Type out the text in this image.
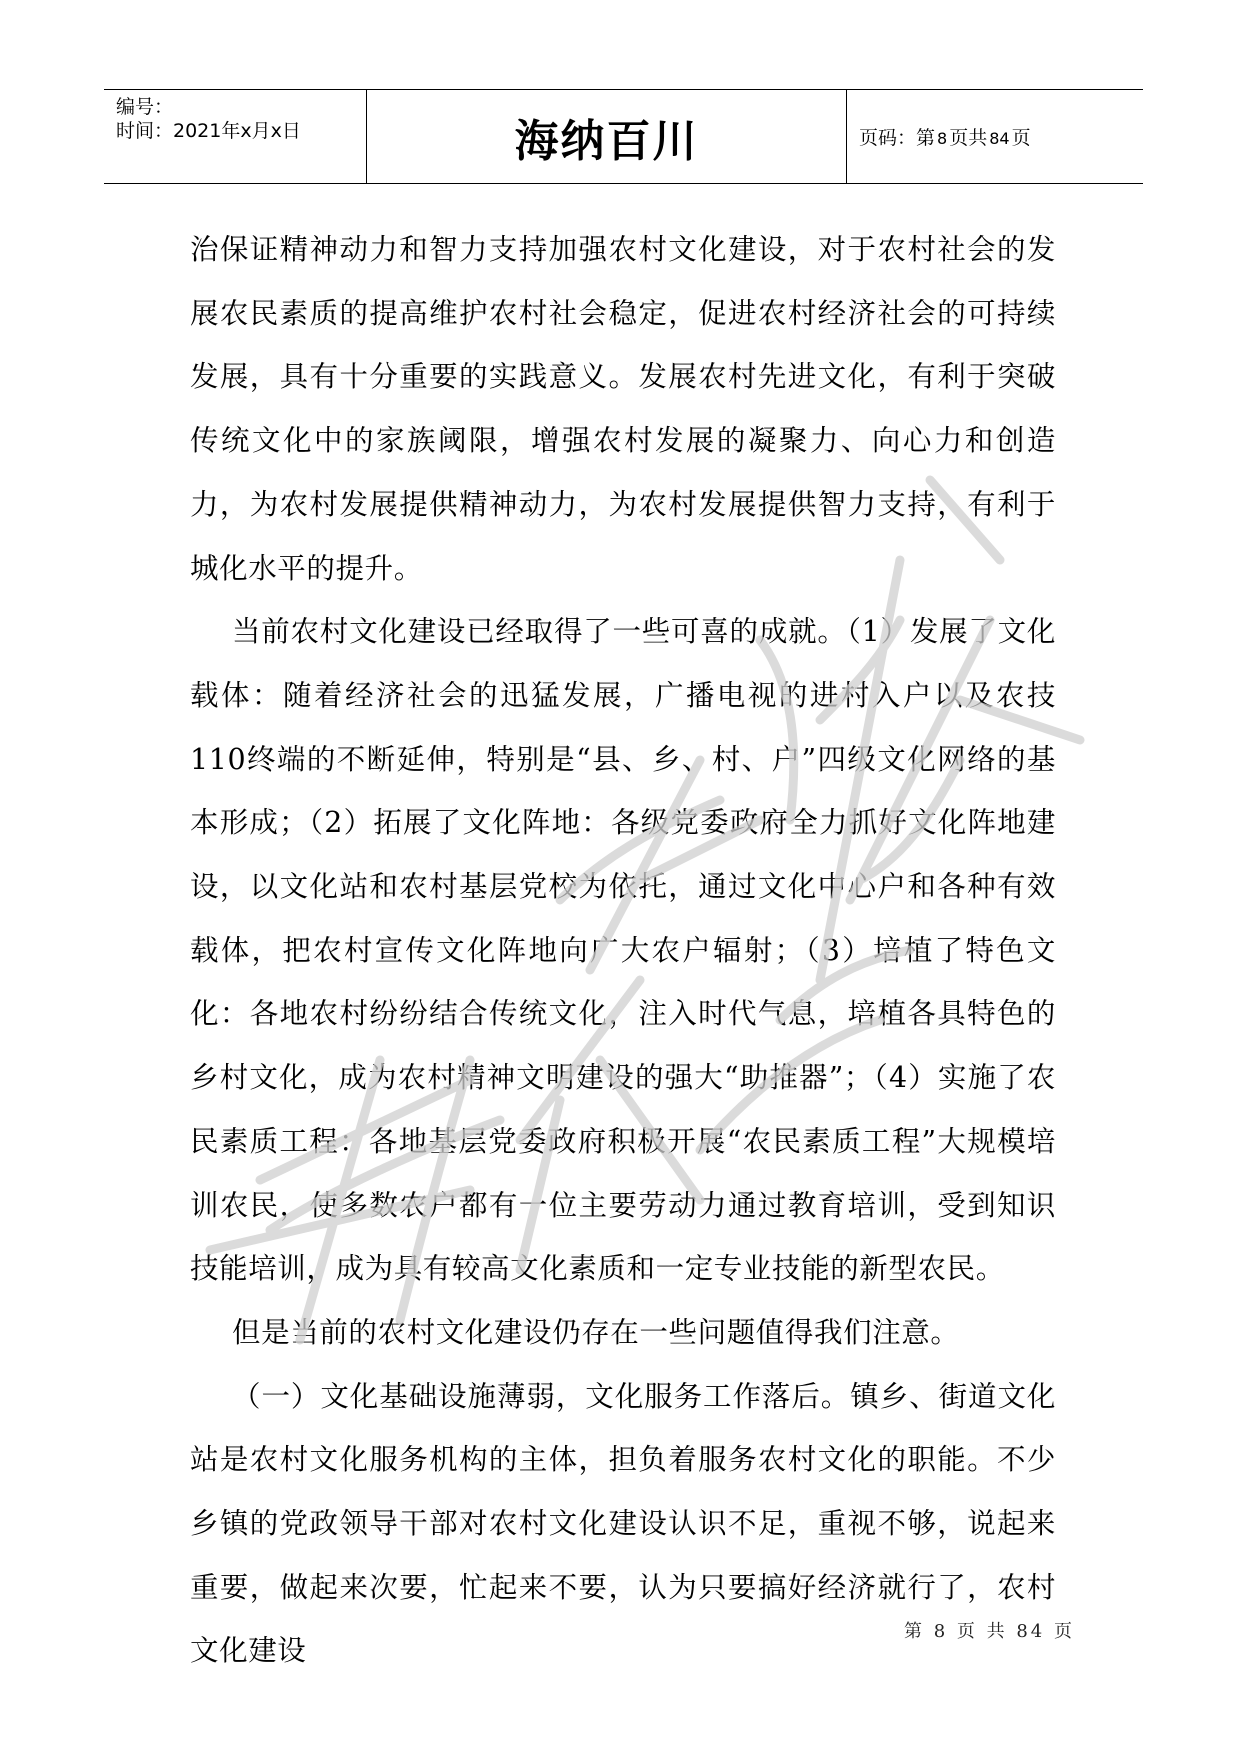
编号：
时间：2021年x月x日	海纳百川	页码：第 8 页共 84 页

治保证精神动力和智力支持加强农村文化建设，对于农村社会的发展农民素质的提高维护农村社会稳定，促进农村经济社会的可持续发展，具有十分重要的实践意义。发展农村先进文化，有利于突破传统文化中的家族阈限，增强农村发展的凝聚力、向心力和创造力，为农村发展提供精神动力，为农村发展提供智力支持，有利于城化水平的提升。

当前农村文化建设已经取得了一些可喜的成就。（1）发展了文化载体：随着经济社会的迅猛发展，广播电视的进村入户以及农技110终端的不断延伸，特别是“县、乡、村、户”四级文化网络的基本形成；（2）拓展了文化阵地：各级党委政府全力抓好文化阵地建设，以文化站和农村基层党校为依托，通过文化中心户和各种有效载体，把农村宣传文化阵地向广大农户辐射；（3）培植了特色文化：各地农村纷纷结合传统文化，注入时代气息，培植各具特色的乡村文化，成为农村精神文明建设的强大“助推器”；（4）实施了农民素质工程：各地基层党委政府积极开展“农民素质工程”大规模培训农民，使多数农户都有一位主要劳动力通过教育培训，受到知识技能培训，成为具有较高文化素质和一定专业技能的新型农民。

但是当前的农村文化建设仍存在一些问题值得我们注意。

（一）文化基础设施薄弱，文化服务工作落后。镇乡、街道文化站是农村文化服务机构的主体，担负着服务农村文化的职能。不少乡镇的党政领导干部对农村文化建设认识不足，重视不够，说起来重要，做起来次要，忙起来不要，认为只要搞好经济就行了，农村文化建设

第 8 页 共 84 页
